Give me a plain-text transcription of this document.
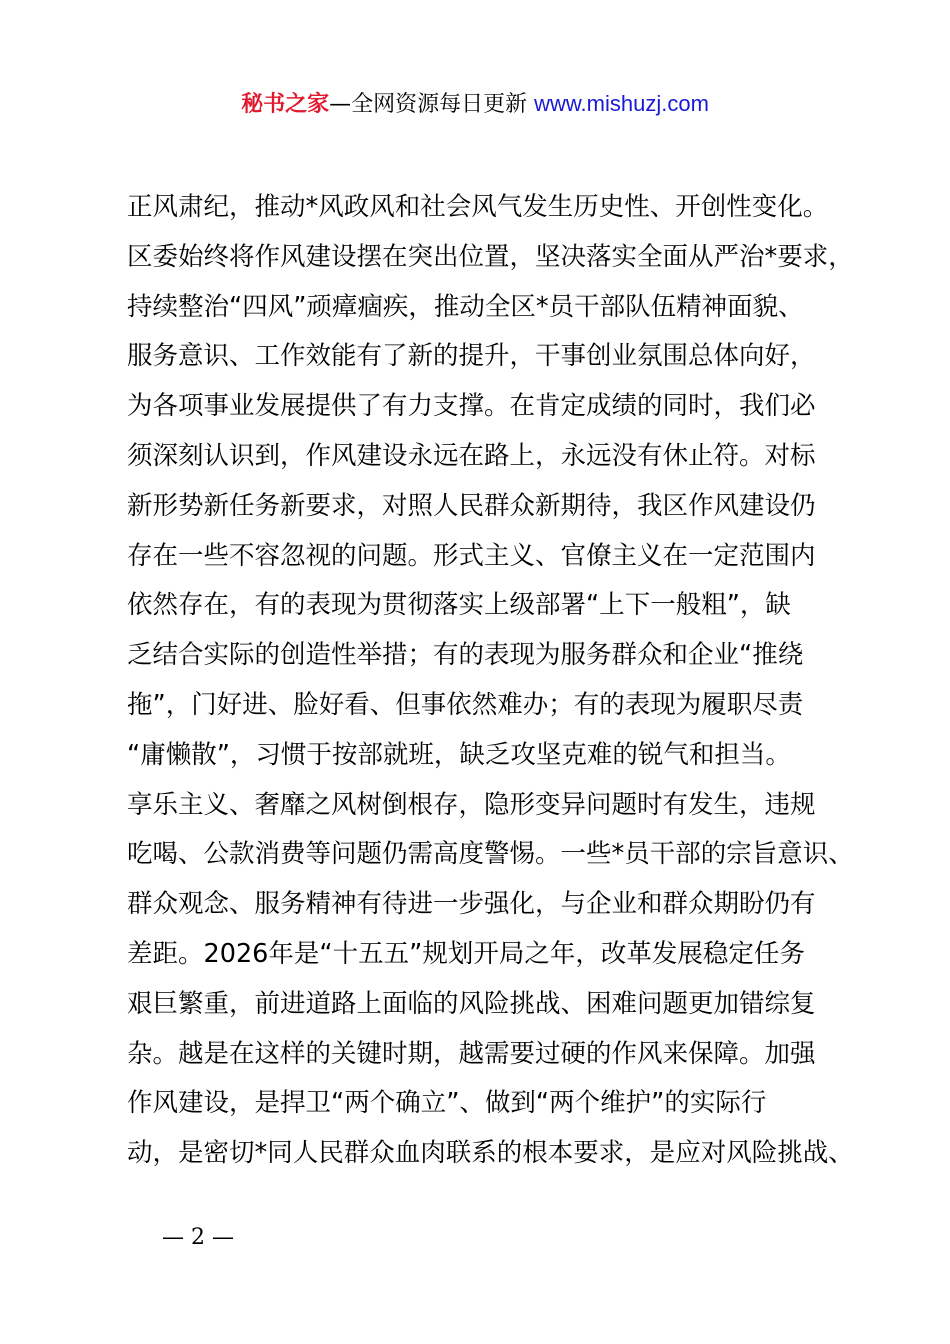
秘书之家—全网资源每日更新 www.mishuzj.com
正风肃纪，推动*风政风和社会风气发生历史性、开创性变化。
区委始终将作风建设摆在突出位置，坚决落实全面从严治*要求，
持续整治“四风”顽瘴痼疾，推动全区*员干部队伍精神面貌、
服务意识、工作效能有了新的提升，干事创业氛围总体向好，
为各项事业发展提供了有力支撑。在肯定成绩的同时，我们必
须深刻认识到，作风建设永远在路上，永远没有休止符。对标
新形势新任务新要求，对照人民群众新期待，我区作风建设仍
存在一些不容忽视的问题。形式主义、官僚主义在一定范围内
依然存在，有的表现为贯彻落实上级部署“上下一般粗”，缺
乏结合实际的创造性举措；有的表现为服务群众和企业“推绕
拖”，门好进、脸好看、但事依然难办；有的表现为履职尽责
“庸懒散”，习惯于按部就班，缺乏攻坚克难的锐气和担当。
享乐主义、奢靡之风树倒根存，隐形变异问题时有发生，违规
吃喝、公款消费等问题仍需高度警惕。一些*员干部的宗旨意识、
群众观念、服务精神有待进一步强化，与企业和群众期盼仍有
差距。2026年是“十五五”规划开局之年，改革发展稳定任务
艰巨繁重，前进道路上面临的风险挑战、困难问题更加错综复
杂。越是在这样的关键时期，越需要过硬的作风来保障。加强
作风建设，是捍卫“两个确立”、做到“两个维护”的实际行
动，是密切*同人民群众血肉联系的根本要求，是应对风险挑战、
— 2 —
